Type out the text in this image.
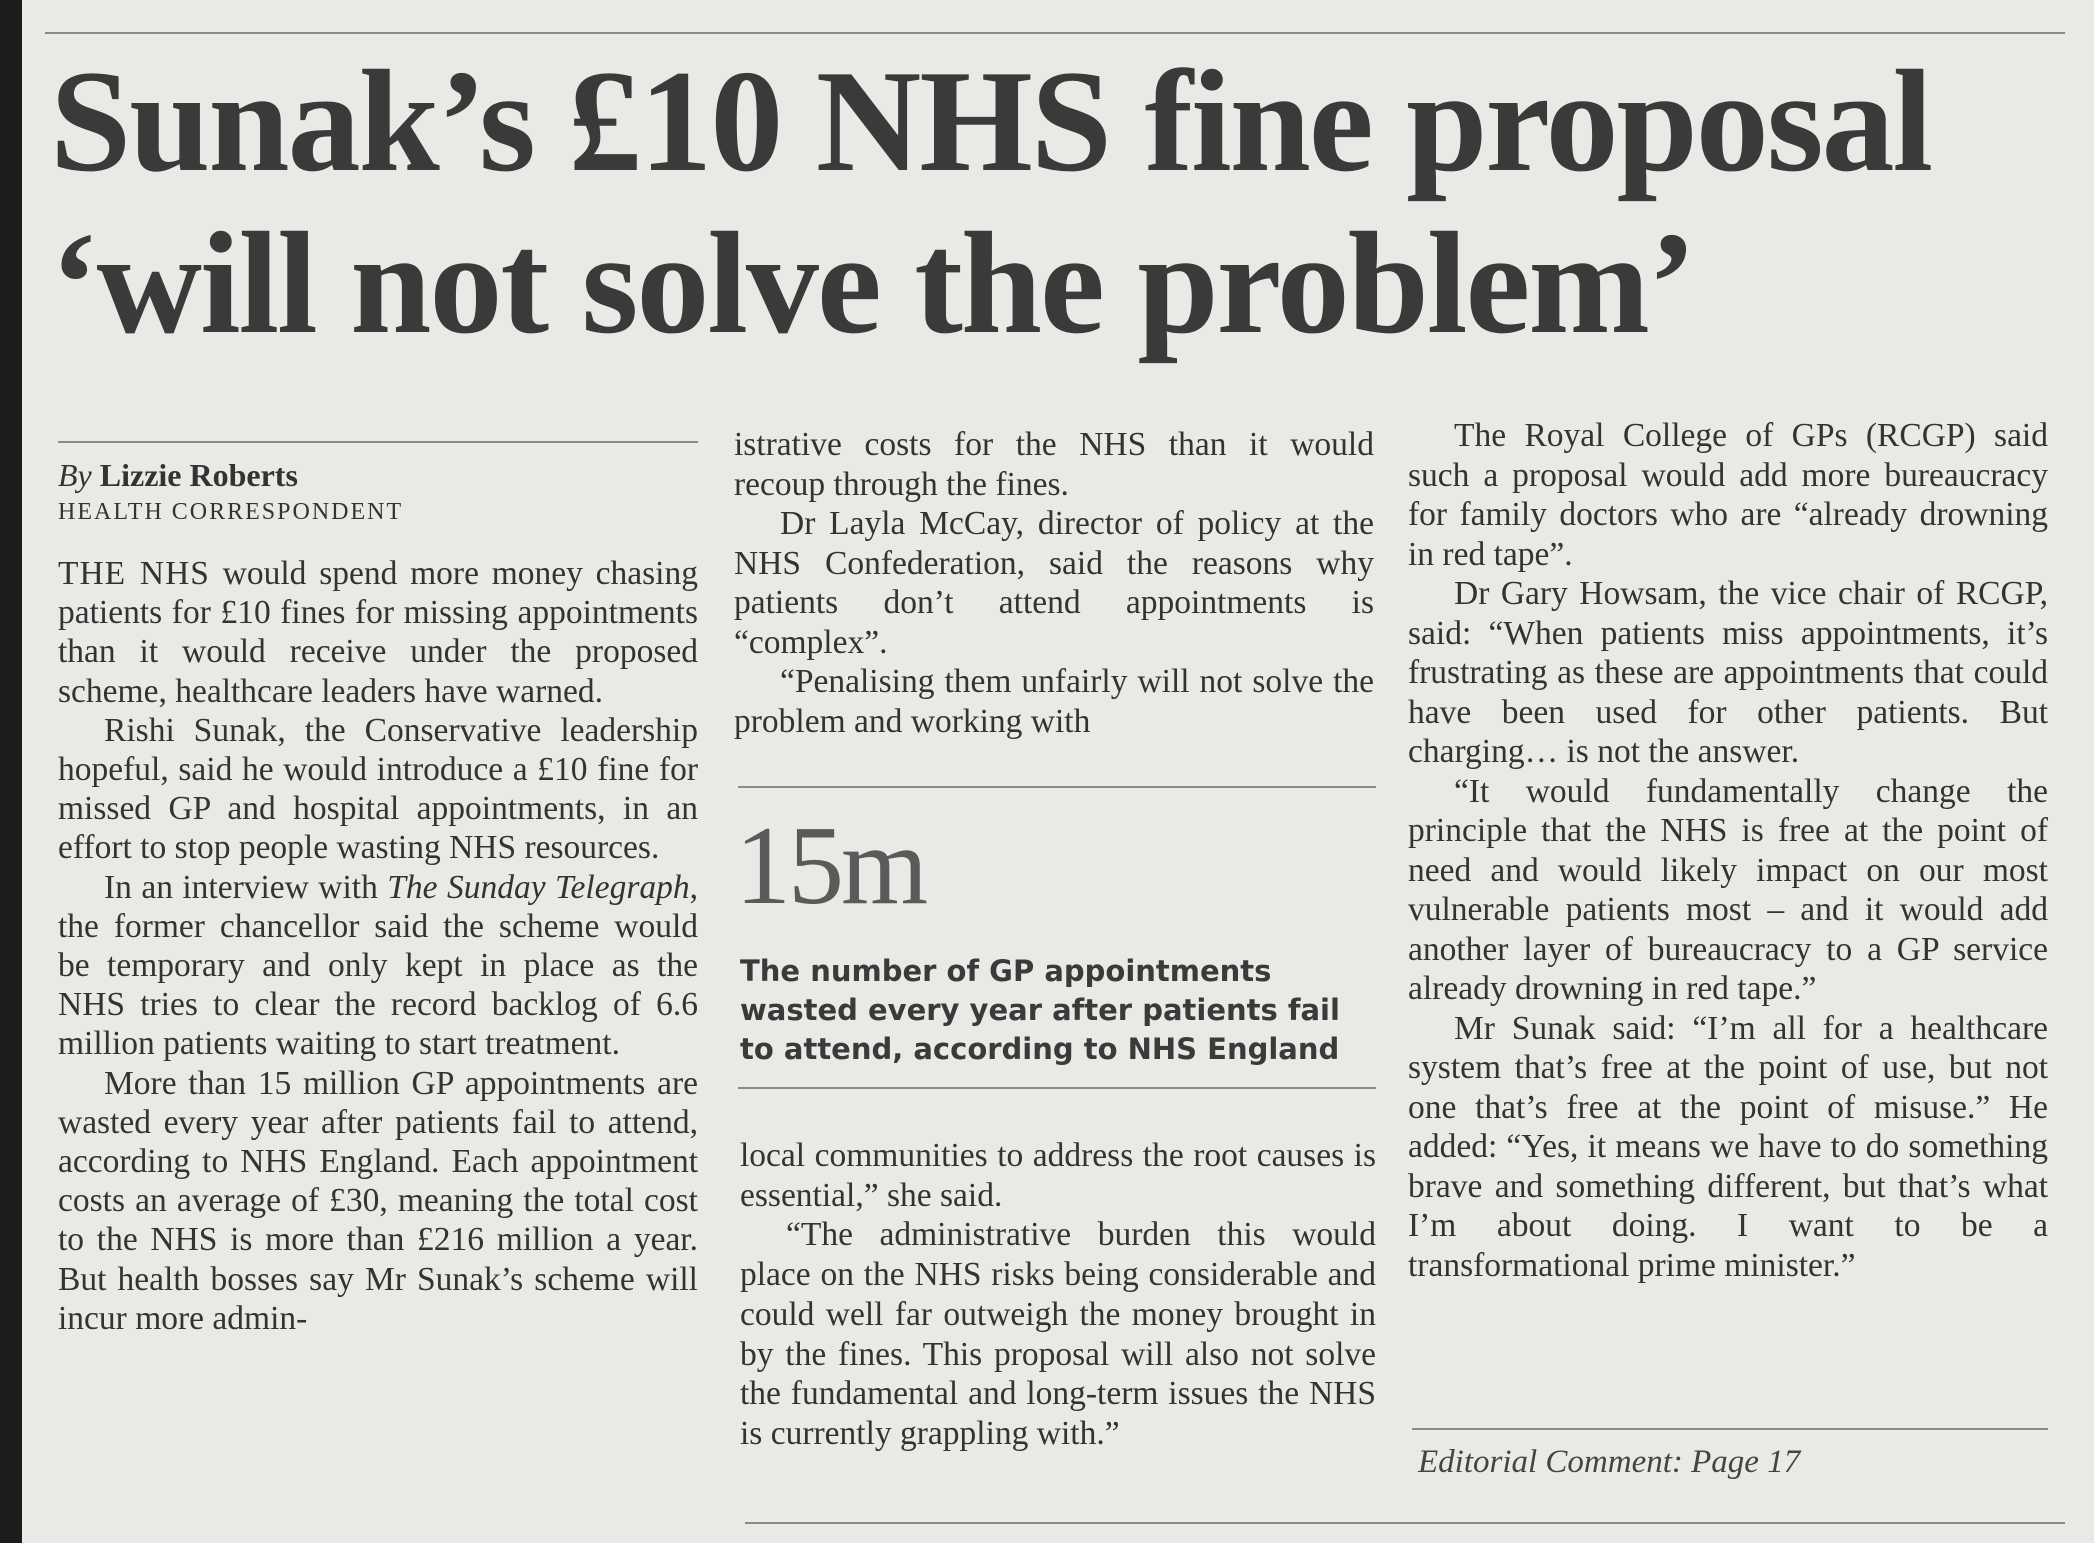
Sunak’s £10 NHS fine proposal
‘will not solve the problem’
By Lizzie Roberts
HEALTH CORRESPONDENT

THE NHS would spend more money chasing patients for £10 fines for missing appointments than it would receive under the proposed scheme, healthcare leaders have warned.

Rishi Sunak, the Conservative leadership hopeful, said he would introduce a £10 fine for missed GP and hospital appointments, in an effort to stop people wasting NHS resources.

In an interview with The Sunday Telegraph, the former chancellor said the scheme would be temporary and only kept in place as the NHS tries to clear the record backlog of 6.6 million patients waiting to start treatment.

More than 15 million GP appointments are wasted every year after patients fail to attend, according to NHS England. Each appointment costs an average of £30, meaning the total cost to the NHS is more than £216 million a year. But health bosses say Mr Sunak’s scheme will incur more admin-

istrative costs for the NHS than it would recoup through the fines.

Dr Layla McCay, director of policy at the NHS Confederation, said the reasons why patients don’t attend appointments is “complex”.

“Penalising them unfairly will not solve the problem and working with

15m
The number of GP appointments wasted every year after patients fail to attend, according to NHS England

local communities to address the root causes is essential,” she said.

“The administrative burden this would place on the NHS risks being considerable and could well far outweigh the money brought in by the fines. This proposal will also not solve the fundamental and long-term issues the NHS is currently grappling with.”

The Royal College of GPs (RCGP) said such a proposal would add more bureaucracy for family doctors who are “already drowning in red tape”.

Dr Gary Howsam, the vice chair of RCGP, said: “When patients miss appointments, it’s frustrating as these are appointments that could have been used for other patients. But charging… is not the answer.

“It would fundamentally change the principle that the NHS is free at the point of need and would likely impact on our most vulnerable patients most – and it would add another layer of bureaucracy to a GP service already drowning in red tape.”

Mr Sunak said: “I’m all for a healthcare system that’s free at the point of use, but not one that’s free at the point of misuse.” He added: “Yes, it means we have to do something brave and something different, but that’s what I’m about doing. I want to be a transformational prime minister.”

Editorial Comment: Page 17
